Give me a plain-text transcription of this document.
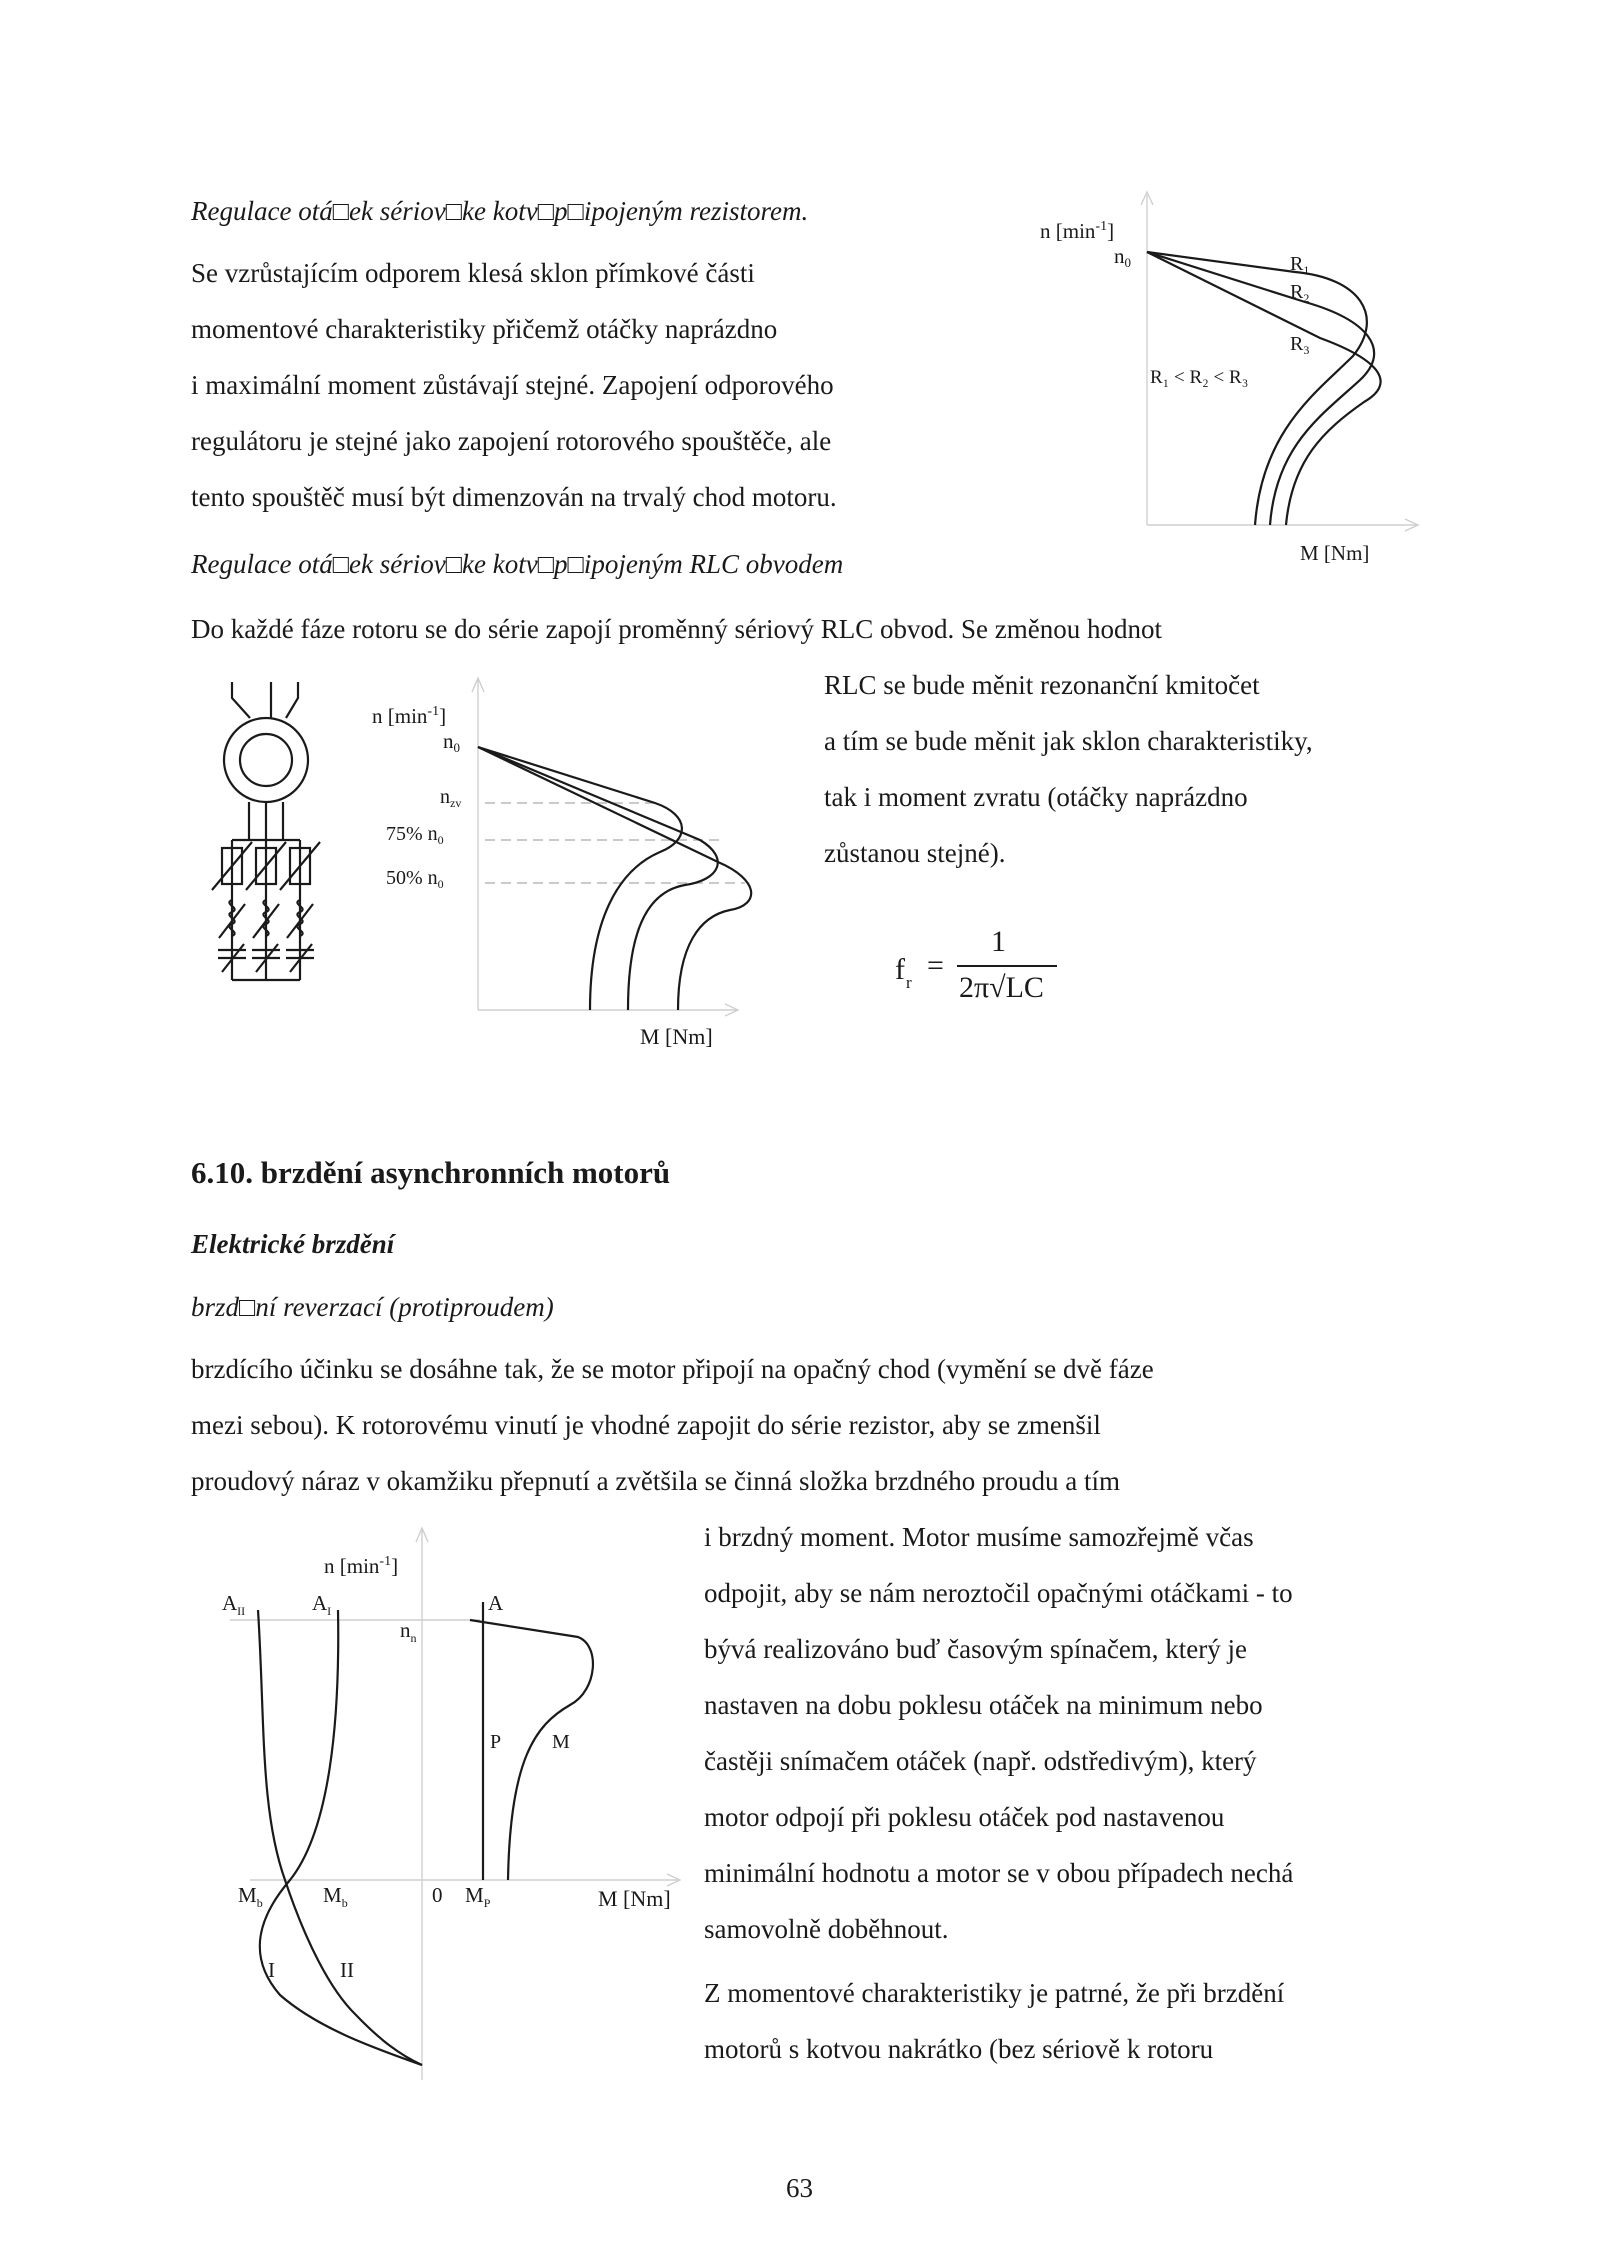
Regulace otá□ek sériov□ke kotv□p□ipojeným rezistorem.
Se vzrůstajícím odporem klesá sklon přímkové části
momentové charakteristiky přičemž otáčky naprázdno
i maximální moment zůstávají stejné. Zapojení odporového
regulátoru je stejné jako zapojení rotorového spouštěče, ale
tento spouštěč musí být dimenzován na trvalý chod motoru.
n $[\min^{-1}]$
n0	$R_1$
$R_2$
$R_3$
R₁ < R₂ < R₃
M [Nm]
Regulace otá□ek sériov□ke kotv□p□ipojeným RLC obvodem
Do každé fáze rotoru se do série zapojí proměnný sériový RLC obvod. Se změnou hodnot
RLC se bude měnit rezonanční kmitočet
a tím se bude měnit jak sklon charakteristiky,
tak i moment zvratu (otáčky naprázdno
zůstanou stejné).
n $[\min^{-1}]$
n0
$n_{zv}$
75% $n_0$
50% $n_0$
M [Nm]
f r
=
1
2π√LC
6.10. brzdění asynchronních motorů
Elektrické brzdění
brzd□ní reverzací (protiproudem)
brzdícího účinku se dosáhne tak, že se motor připojí na opačný chod (vymění se dvě fáze
mezi sebou). K rotorovému vinutí je vhodné zapojit do série rezistor, aby se zmenšil
proudový náraz v okamžiku přepnutí a zvětšila se činná složka brzdného proudu a tím
i brzdný moment. Motor musíme samozřejmě včas
odpojit, aby se nám neroztočil opačnými otáčkami - to
bývá realizováno buď časovým spínačem, který je
nastaven na dobu poklesu otáček na minimum nebo
častěji snímačem otáček (např. odstředivým), který
motor odpojí při poklesu otáček pod nastavenou
minimální hodnotu a motor se v obou případech nechá
samovolně doběhnout.
Z momentové charakteristiky je patrné, že při brzdění
motorů s kotvou nakrátko (bez sériově k rotoru
n $[\min^{-1}]$
$A_{II}$	$A_I$	A
$n_n$
P	M
$M_b$	$M_b$	0 $M_P$	M [Nm]
I	II
63
